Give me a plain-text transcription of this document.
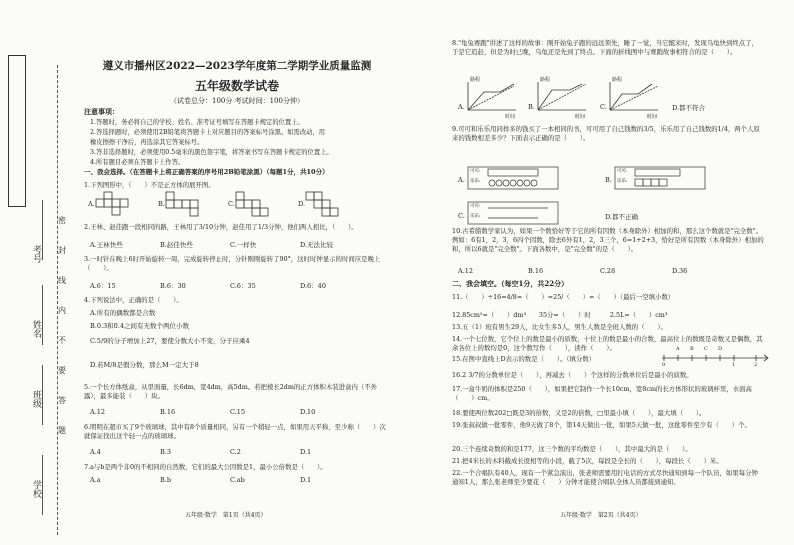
学校
班级
姓名
考号
密
封
线
内
不
要
答
题
遵义市播州区2022—2023学年度第二学期学业质量监测
五年级数学试卷
（试卷总分：100分 考试时间：100分钟）
注意事项：
1.答题时，务必将自己的学校、姓名、准考证号填写在答题卡规定的位置上。
2.答选择题时，必须使用2B铅笔将答题卡上对应题目的答案标号涂黑。如需改动，用
橡皮擦擦干净后，再选涂其它答案标号。
3.答非选择题时，必须使用0.5毫米的黑色签字笔，将答案书写在答题卡规定的位置上。
4.所有题目必须在答题卡上作答。
一、我会选择。（在答题卡上将正确答案的序号用2B铅笔涂黑）（每题1分，共10分）
1.下列图形中，（　　）不是正方体的展开图。
A.	B.	C.	D.
2.王林、赵佳跑一段相同的路，王林用了3/10分钟，赵佳用了1/3分钟，他们两人相比，（　　）。
A.王林快些	B.赵佳快些	C.一样快	D.无法比较
3.一时针在晚上6时开始旋转一周，完成旋转停止时，分针刚刚旋转了90°，这时时钟显示的时间应是晚上（　　）。
A.6：15	B.6：30	C.6：35	D.6：40
4.下列说法中，正确的是（　　）。
A.所有的偶数都是合数
B.0.3和0.4之间有无数个两位小数
C.5/9的分子增加上27，要使分数大小不变，分子应乘4
D.若M/8是假分数，那么M一定大于8
5.一个长方体纸盒，从里面量，长6dm，宽4dm，高5dm。若把棱长2dm的正方体积木装进盒内（不外露），最多能装（　　）块。
A.12	B.16	C.15	D.10
6.明明在超市买了9个玻璃球，其中有8个质量相同，另有一个稍轻一点，如果用天平称，至少称（　　）次就保证找出这个轻一点的玻璃球。
A.4	B.3	C.2	D.1
7.a与b是两个非0的不相同的自然数，它们的最大公因数是1，最小公倍数是（　　）。
A.a	B.b	C.ab	D.1
五年级·数学　第1页（共4页）
8."龟兔赛跑"讲述了这样的故事：刚开始兔子跑的远远领先，睡了一觉，当它醒来时，发现乌龟快到终点了，于是它追赶，但是为时已晚，乌龟还是先到了终点。下面的折线图中与赛跑故事相符合的是（　　）。
A.
路程
时间
B.
路程
时间
C.
路程
时间
D.都不符合
9.可可和乐乐用同样多的钱买了一本相同的书，可可用了自己钱数的3/5，乐乐用了自己钱数的1/4，两个人原来的钱数相差多少？下面表示正确的是（　　）。
A.
可可:
乐乐:	B.
可可:
乐乐:
C.
可可:
乐乐:	D.都不正确
10.古希腊数学家认为，如果一个数恰好等于它的所有因数（本身除外）相加的和，那么这个数就是"完全数"。例如：6有1，2，3，6四个因数，除去6外有1，2，3三个，6=1+2+3，恰好是所有因数（本身除外）相加的和，所以6就是"完全数"。下面各数中，是"完全数"的是（　　）。
A.12	B.16	C.28	D.36
二、我会填空。（每空1分，共22分）
11.（　　）÷16=4/8=（　　）=25/（　　）=（　　）（最后一空填小数）
12.85cm³=（　　）dm³　　35分=（　　）时　　　2.5L=（　　）cm³
13.五（1）班有男生29人，比女生多5人，男生人数是全班人数的（　　）。
14.一个七位数，它个位上的数是最小的质数，十位上的数是最小的合数，最高位上的数既是奇数又是偶数，其余各位上的数均是0，这个数写作（　　），读作（　　）。
15.在图中直线上D表示的数是（　　）。（填分数）
0
A B C D
1	2
16.2 3/7的分数单位是（　　），再减去（　　）个这样的分数单位后是最小的质数。
17.一盒牛奶的体积是250（　　），如果把它制作一个长10cm，宽8cm的长方体形状的玻璃杯里，水面高（　　）cm。
18.要使两位数202□既是3的倍数，又是2的倍数，□里最小填（　　），最大填（　　）。
19.张叔叔做一批零件，他9天做了8个，第14天做出一批，如果5天做一批，这批零件至少有（　　）个。
20.三个连续奇数的和是177，这三个数的平均数是（　　），其中最大的是（　　）。
21.把4米长的木料截成长度相等的小段，截了5次，每段是全长的（　　），每段长（　　）米。
22.一个合唱队有40人，现有一个紧急演出，张老师需要用打电话的方式尽快通知到每一个队员，如果每分钟通知1人，那么张老师至少要花（　　）分钟才能使合唱队全体人员都接到通知。
五年级·数学　第2页（共4页）
